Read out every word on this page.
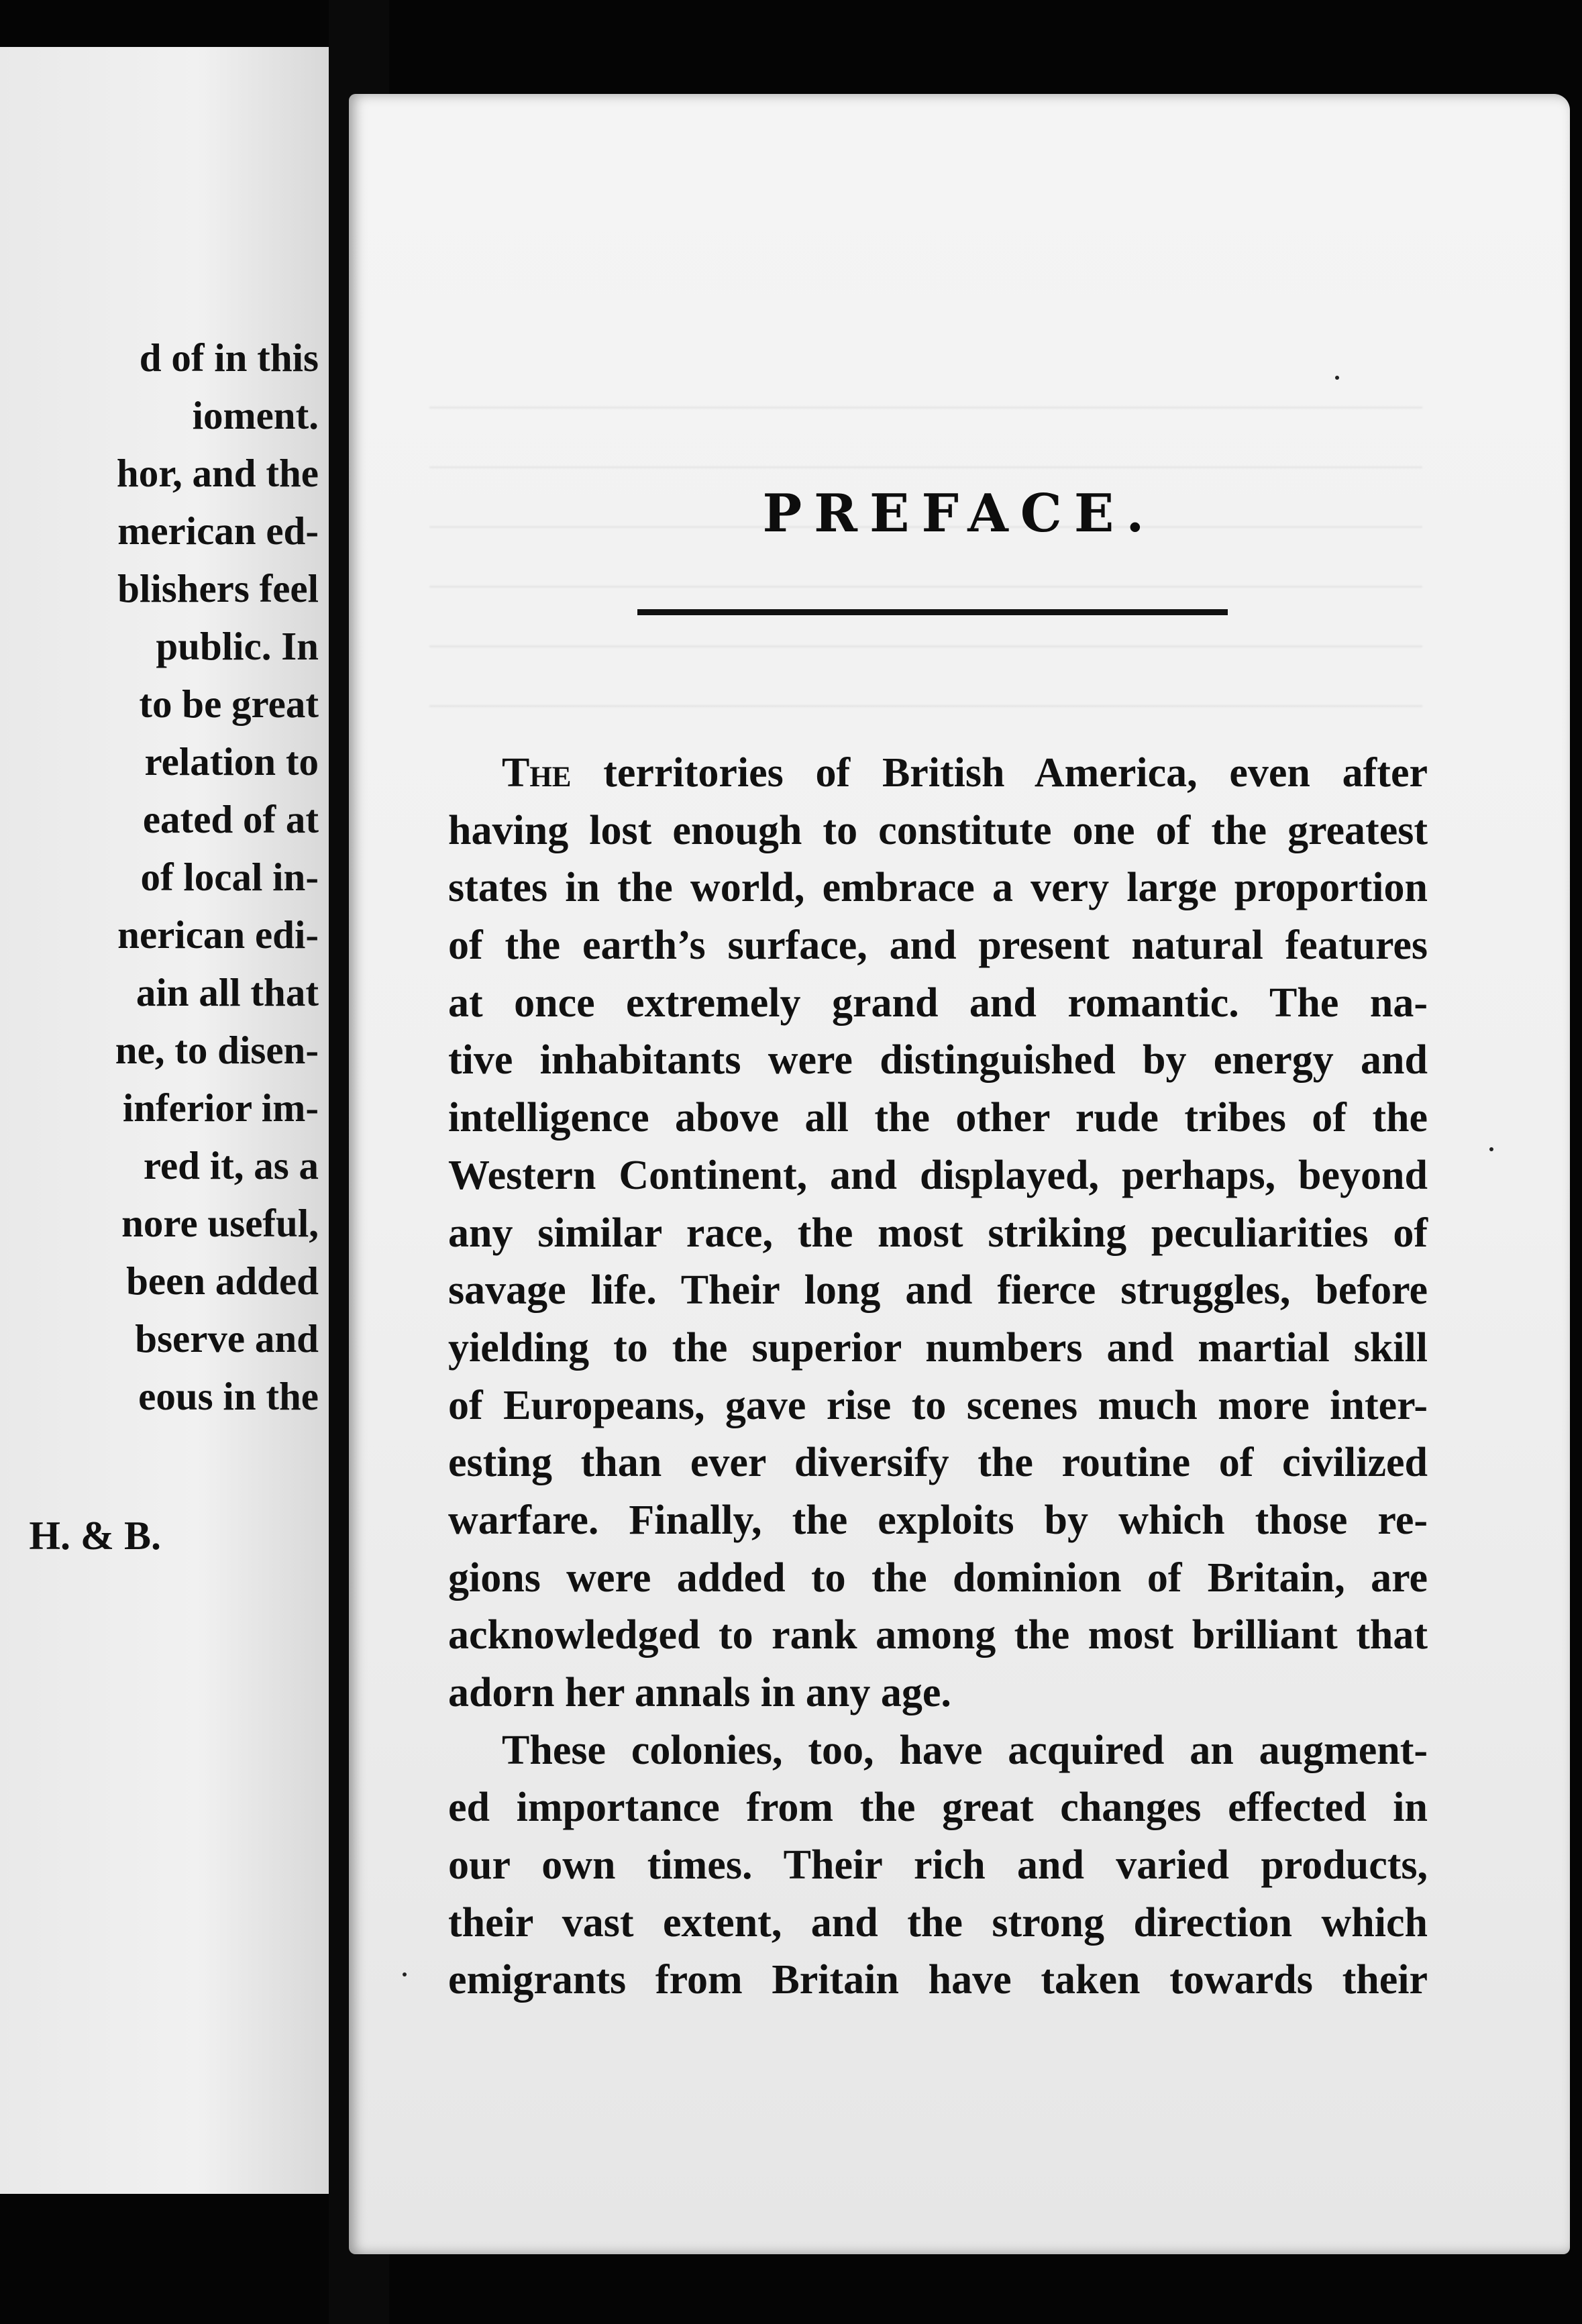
d of in this
ioment.
hor, and the
merican ed-
blishers feel
public. In
to be great
relation to
eated of at
of local in-
nerican edi-
ain all that
ne, to disen-
inferior im-
red it, as a
nore useful,
been added
bserve and
eous in the
H. & B.
PREFACE.
The territories of British America, even after
having lost enough to constitute one of the greatest
states in the world, embrace a very large proportion
of the earth’s surface, and present natural features
at once extremely grand and romantic. The na-
tive inhabitants were distinguished by energy and
intelligence above all the other rude tribes of the
Western Continent, and displayed, perhaps, beyond
any similar race, the most striking peculiarities of
savage life. Their long and fierce struggles, before
yielding to the superior numbers and martial skill
of Europeans, gave rise to scenes much more inter-
esting than ever diversify the routine of civilized
warfare. Finally, the exploits by which those re-
gions were added to the dominion of Britain, are
acknowledged to rank among the most brilliant that
adorn her annals in any age.
These colonies, too, have acquired an augment-
ed importance from the great changes effected in
our own times. Their rich and varied products,
their vast extent, and the strong direction which
emigrants from Britain have taken towards their
